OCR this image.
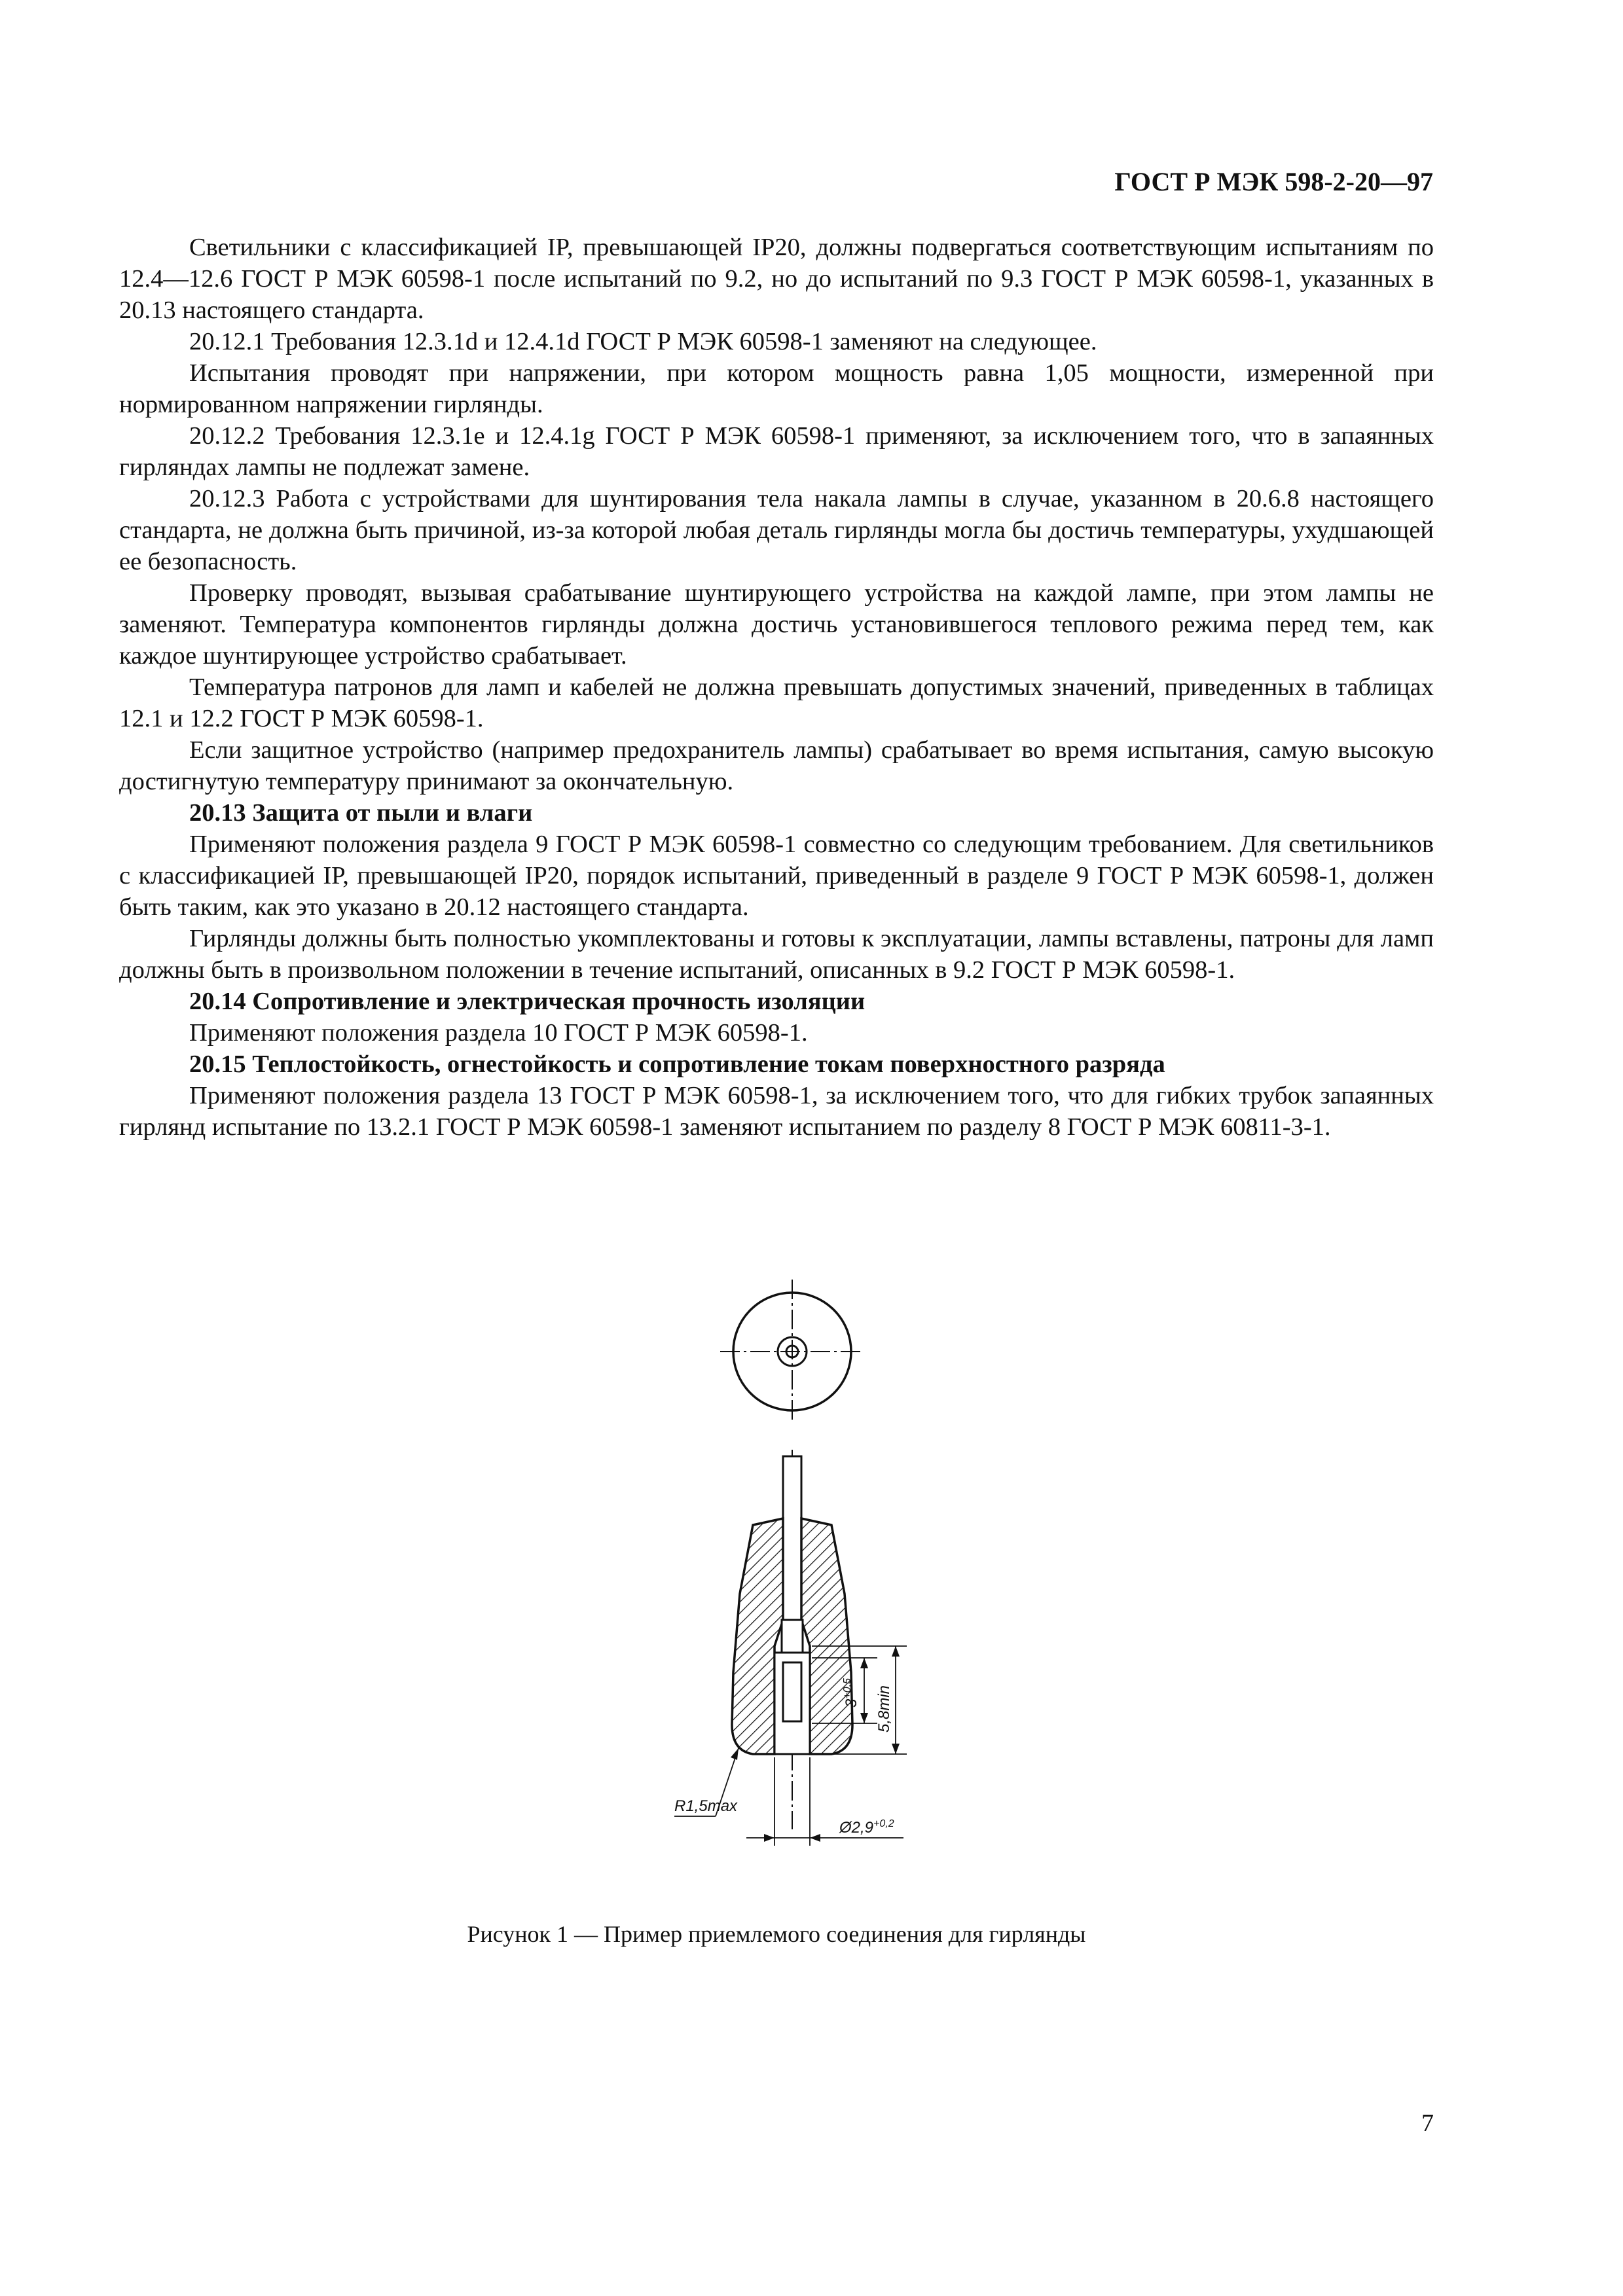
ГОСТ Р МЭК 598-2-20—97

Светильники с классификацией IP, превышающей IP20, должны подвергаться соответствующим испытаниям по 12.4—12.6 ГОСТ Р МЭК 60598-1 после испытаний по 9.2, но до испытаний по 9.3 ГОСТ Р МЭК 60598-1, указанных в 20.13 настоящего стандарта.

20.12.1 Требования 12.3.1d и 12.4.1d ГОСТ Р МЭК 60598-1 заменяют на следующее.

Испытания проводят при напряжении, при котором мощность равна 1,05 мощности, измеренной при нормированном напряжении гирлянды.

20.12.2 Требования 12.3.1e и 12.4.1g ГОСТ Р МЭК 60598-1 применяют, за исключением того, что в запаянных гирляндах лампы не подлежат замене.

20.12.3 Работа с устройствами для шунтирования тела накала лампы в случае, указанном в 20.6.8 настоящего стандарта, не должна быть причиной, из-за которой любая деталь гирлянды могла бы достичь температуры, ухудшающей ее безопасность.

Проверку проводят, вызывая срабатывание шунтирующего устройства на каждой лампе, при этом лампы не заменяют. Температура компонентов гирлянды должна достичь установившегося теплового режима перед тем, как каждое шунтирующее устройство срабатывает.

Температура патронов для ламп и кабелей не должна превышать допустимых значений, приведенных в таблицах 12.1 и 12.2 ГОСТ Р МЭК 60598-1.

Если защитное устройство (например предохранитель лампы) срабатывает во время испытания, самую высокую достигнутую температуру принимают за окончательную.

20.13 Защита от пыли и влаги

Применяют положения раздела 9 ГОСТ Р МЭК 60598-1 совместно со следующим требованием. Для светильников с классификацией IP, превышающей IP20, порядок испытаний, приведенный в разделе 9 ГОСТ Р МЭК 60598-1, должен быть таким, как это указано в 20.12 настоящего стандарта.

Гирлянды должны быть полностью укомплектованы и готовы к эксплуатации, лампы вставлены, патроны для ламп должны быть в произвольном положении в течение испытаний, описанных в 9.2 ГОСТ Р МЭК 60598-1.

20.14 Сопротивление и электрическая прочность изоляции

Применяют положения раздела 10 ГОСТ Р МЭК 60598-1.

20.15 Теплостойкость, огнестойкость и сопротивление токам поверхностного разряда

Применяют положения раздела 13 ГОСТ Р МЭК 60598-1, за исключением того, что для гибких трубок запаянных гирлянд испытание по 13.2.1 ГОСТ Р МЭК 60598-1 заменяют испытанием по разделу 8 ГОСТ Р МЭК 60811-3-1.

$3^{+0,5}$	5,8min
R1,5max
$Ø2,9^{+0,2}$
Рисунок 1 — Пример приемлемого соединения для гирлянды
7
